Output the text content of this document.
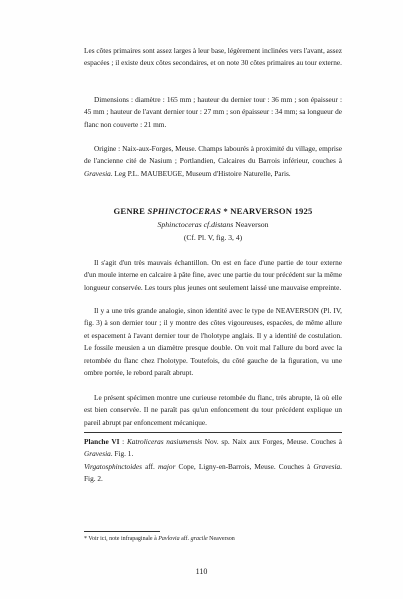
Les côtes primaires sont assez larges à leur base, légèrement inclinées vers l'avant, assez espacées ; il existe deux côtes secondaires, et on note 30 côtes primaires au tour externe.

Dimensions : diamètre : 165 mm ; hauteur du dernier tour : 36 mm ; son épaisseur : 45 mm ; hauteur de l'avant dernier tour : 27 mm ; son épaisseur : 34 mm; sa longueur de flanc non couverte : 21 mm.

Origine : Naix-aux-Forges, Meuse. Champs labourés à proximité du village, emprise de l'ancienne cité de Nasium ; Portlandien, Calcaires du Barrois inférieur, couches à Gravesia. Leg P.L. MAUBEUGE, Museum d'Histoire Naturelle, Paris.

GENRE SPHINCTOCERAS * NEARVERSON 1925

Sphinctoceras cf.distans Neaverson

(Cf. Pl. V, fig. 3, 4)

Il s'agit d'un très mauvais échantillon. On est en face d'une partie de tour externe d'un moule interne en calcaire à pâte fine, avec une partie du tour précédent sur la même longueur conservée. Les tours plus jeunes ont seulement laissé une mauvaise empreinte.

Il y a une très grande analogie, sinon identité avec le type de NEAVERSON (Pl. IV, fig. 3) à son dernier tour ; il y montre des côtes vigoureuses, espacées, de même allure et espacement à l'avant dernier tour de l'holotype anglais. Il y a identité de costulation. Le fossile meusien a un diamètre presque double. On voit mal l'allure du bord avec la retombée du flanc chez l'holotype. Toutefois, du côté gauche de la figuration, vu une ombre portée, le rebord paraît abrupt.

Le présent spécimen montre une curieuse retombée du flanc, très abrupte, là où elle est bien conservée. Il ne paraît pas qu'un enfoncement du tour précédent explique un pareil abrupt par enfoncement mécanique.

Planche VI : Katroliceras nasiumensis Nov. sp. Naix aux Forges, Meuse. Couches à Gravesia. Fig. 1.

Virgatosphinctoides aff. major Cope, Ligny-en-Barrois, Meuse. Couches à Gravesia. Fig. 2.

* Voir ici, note infrapaginale à Pavlovia aff. gracile Neaverson

110
